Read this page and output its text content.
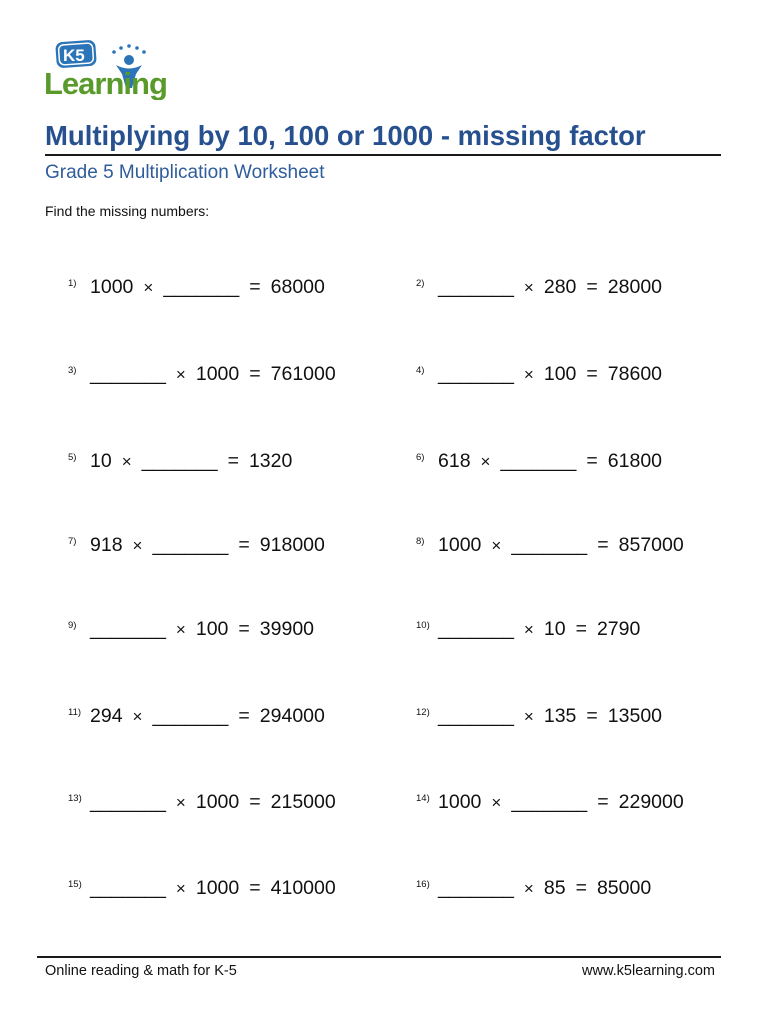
K5
Learning
Multiplying by 10, 100 or 1000 - missing factor
Grade 5 Multiplication Worksheet
Find the missing numbers:
1) 1000 × _______ = 68000	2) _______ × 280 = 28000
3) _______ × 1000 = 761000	4) _______ × 100 = 78600
5) 10 × _______ = 1320	6) 618 × _______ = 61800
7) 918 × _______ = 918000	8) 1000 × _______ = 857000
9) _______ × 100 = 39900	10) _______ × 10 = 2790
11) 294 × _______ = 294000	12) _______ × 135 = 13500
13) _______ × 1000 = 215000	14) 1000 × _______ = 229000
15) _______ × 1000 = 410000	16) _______ × 85 = 85000
Online reading & math for K-5	www.k5learning.com
